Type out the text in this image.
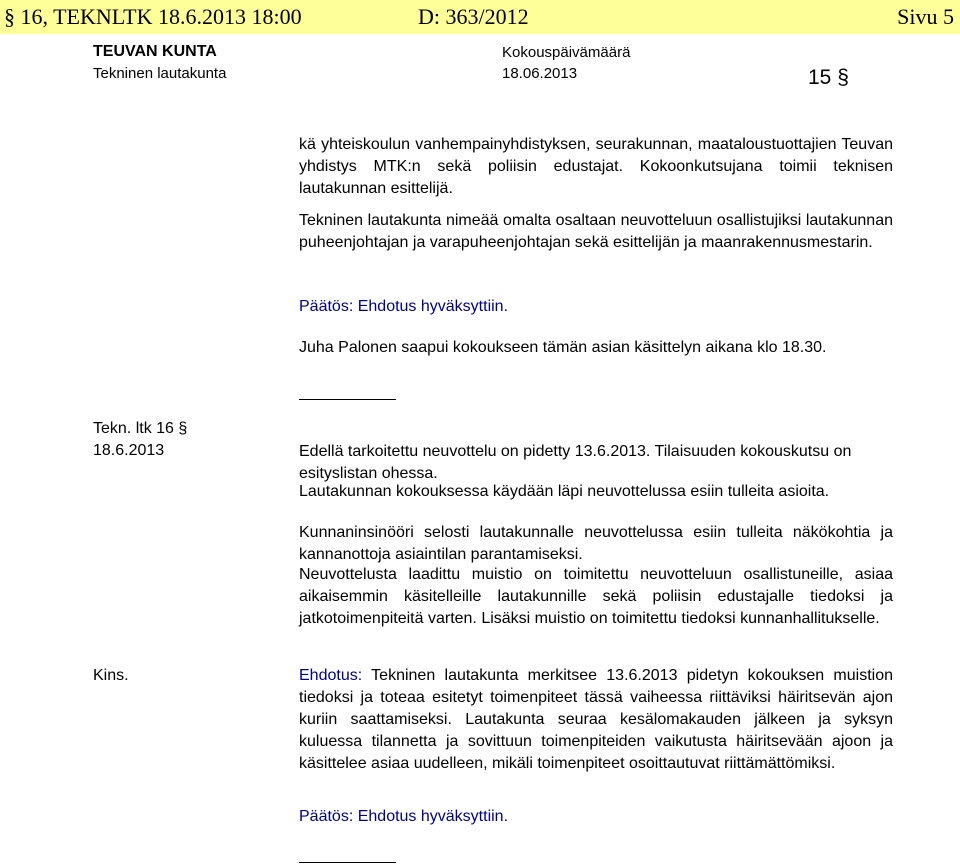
§ 16, TEKNLTK 18.6.2013 18:00	D: 363/2012	Sivu 5
TEUVAN KUNTA
Tekninen lautakunta
Kokouspäivämäärä
18.06.2013	15 §
kä yhteiskoulun vanhempainyhdistyksen, seurakunnan, maataloustuottajien Teuvan yhdistys MTK:n sekä poliisin edustajat. Kokoonkutsujana toimii teknisen lautakunnan esittelijä.
Tekninen lautakunta nimeää omalta osaltaan neuvotteluun osallistujiksi lautakunnan puheenjohtajan ja varapuheenjohtajan sekä esittelijän ja maanrakennusmestarin.
Päätös: Ehdotus hyväksyttiin.
Juha Palonen saapui kokoukseen tämän asian käsittelyn aikana klo 18.30.
Tekn. ltk 16 §
18.6.2013	Edellä tarkoitettu neuvottelu on pidetty 13.6.2013. Tilaisuuden kokouskutsu on esityslistan ohessa.
Lautakunnan kokouksessa käydään läpi neuvottelussa esiin tulleita asioita.
Kunnaninsinööri selosti lautakunnalle neuvottelussa esiin tulleita näkökohtia ja kannanottoja asiaintilan parantamiseksi.
Neuvottelusta laadittu muistio on toimitettu neuvotteluun osallistuneille, asiaa aikaisemmin käsitelleille lautakunnille sekä poliisin edustajalle tiedoksi ja jatkotoimenpiteitä varten. Lisäksi muistio on toimitettu tiedoksi kunnanhallitukselle.
Kins.	Ehdotus: Tekninen lautakunta merkitsee 13.6.2013 pidetyn kokouksen muistion tiedoksi ja toteaa esitetyt toimenpiteet tässä vaiheessa riittäviksi häiritsevän ajon kuriin saattamiseksi. Lautakunta seuraa kesälomakauden jälkeen ja syksyn kuluessa tilannetta ja sovittuun toimenpiteiden vaikutusta häiritsevään ajoon ja käsittelee asiaa uudelleen, mikäli toimenpiteet osoittautuvat riittämättömiksi.
Päätös: Ehdotus hyväksyttiin.
